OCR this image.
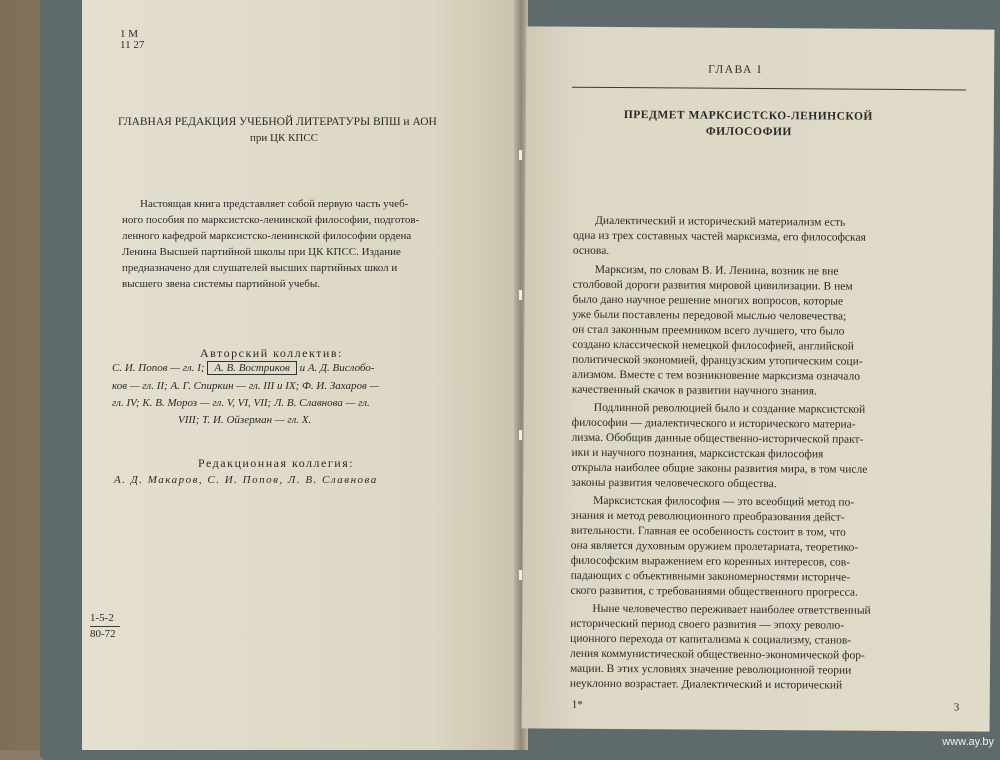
1 М
11 27
ГЛАВНАЯ РЕДАКЦИЯ УЧЕБНОЙ ЛИТЕРАТУРЫ ВПШ и АОН
при ЦК КПСС
Настоящая книга представляет собой первую часть учеб-
ного пособия по марксистско-ленинской философии, подготов-
ленного кафедрой марксистско-ленинской философии ордена
Ленина Высшей партийной школы при ЦК КПСС. Издание
предназначено для слушателей высших партийных школ и
высшего звена системы партийной учебы.
Авторский коллектив:
С. И. Попов — гл. I; А. В. Востриков и А. Д. Вислобо-
ков — гл. II; А. Г. Спиркин — гл. III и IX; Ф. И. Захаров —
гл. IV; К. В. Мороз — гл. V, VI, VII; Л. В. Славнова — гл.
VIII; Т. И. Ойзерман — гл. X.
Редакционная коллегия:
А. Д. Макаров, С. И. Попов, Л. В. Славнова
1-5-2
80-72
ГЛАВА I
ПРЕДМЕТ МАРКСИСТСКО-ЛЕНИНСКОЙ
ФИЛОСОФИИ
Диалектический и исторический материализм есть
одна из трех составных частей марксизма, его философская
основа.
Марксизм, по словам В. И. Ленина, возник не вне
столбовой дороги развития мировой цивилизации. В нем
было дано научное решение многих вопросов, которые
уже были поставлены передовой мыслью человечества;
он стал законным преемником всего лучшего, что было
создано классической немецкой философией, английской
политической экономией, французским утопическим соци-
ализмом. Вместе с тем возникновение марксизма означало
качественный скачок в развитии научного знания.
Подлинной революцией было и создание марксистской
философии — диалектического и исторического материа-
лизма. Обобщив данные общественно-исторической практ-
ики и научного познания, марксистская философия
открыла наиболее общие законы развития мира, в том числе
законы развития человеческого общества.
Марксистская философия — это всеобщий метод по-
знания и метод революционного преобразования дейст-
вительности. Главная ее особенность состоит в том, что
она является духовным оружием пролетариата, теоретико-
философским выражением его коренных интересов, сов-
падающих с объективными закономерностями историче-
ского развития, с требованиями общественного прогресса.
Ныне человечество переживает наиболее ответственный
исторический период своего развития — эпоху револю-
ционного перехода от капитализма к социализму, станов-
ления коммунистической общественно-экономической фор-
мации. В этих условиях значение революционной теории
неуклонно возрастает. Диалектический и исторический
1*	3
www.ay.by
